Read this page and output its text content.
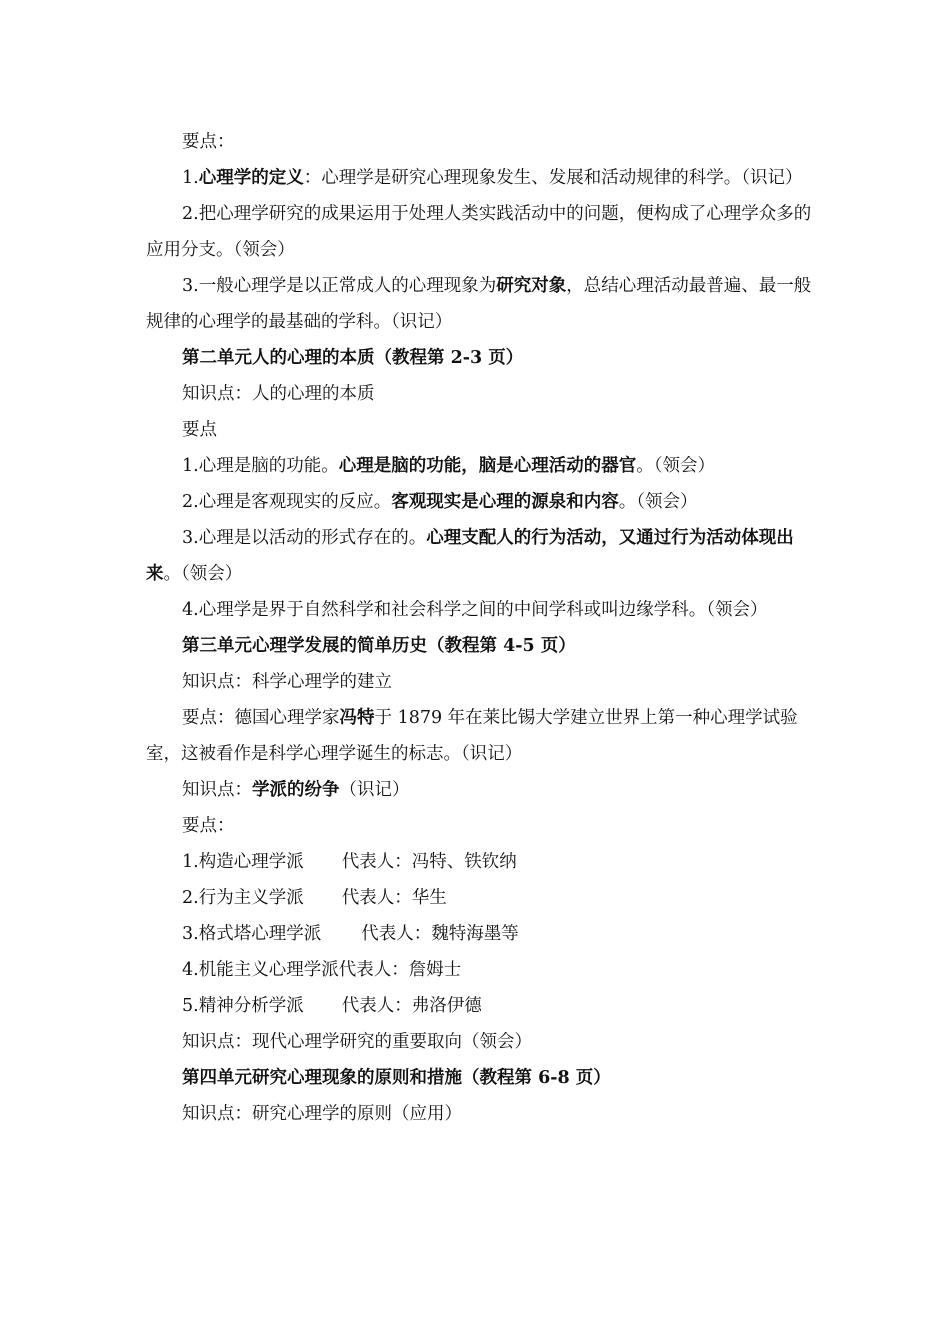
要点：

1.心理学的定义：心理学是研究心理现象发生、发展和活动规律的科学。（识记）

2.把心理学研究的成果运用于处理人类实践活动中的问题，便构成了心理学众多的应用分支。（领会）

3.一般心理学是以正常成人的心理现象为研究对象，总结心理活动最普遍、最一般规律的心理学的最基础的学科。（识记）

第二单元人的心理的本质（教程第 2-3 页）

知识点：人的心理的本质

要点

1.心理是脑的功能。心理是脑的功能，脑是心理活动的器官。（领会）

2.心理是客观现实的反应。客观现实是心理的源泉和内容。（领会）

3.心理是以活动的形式存在的。心理支配人的行为活动，又通过行为活动体现出来。（领会）

4.心理学是界于自然科学和社会科学之间的中间学科或叫边缘学科。（领会）

第三单元心理学发展的简单历史（教程第 4-5 页）

知识点：科学心理学的建立

要点：德国心理学家冯特于 1879 年在莱比锡大学建立世界上第一种心理学试验室，这被看作是科学心理学诞生的标志。（识记）

知识点：学派的纷争（识记）

要点：

1.构造心理学派 代表人：冯特、铁钦纳

2.行为主义学派 代表人：华生

3.格式塔心理学派 代表人：魏特海墨等

4.机能主义心理学派代表人：詹姆士

5.精神分析学派 代表人：弗洛伊德

知识点：现代心理学研究的重要取向（领会）

第四单元研究心理现象的原则和措施（教程第 6-8 页）

知识点：研究心理学的原则（应用）
